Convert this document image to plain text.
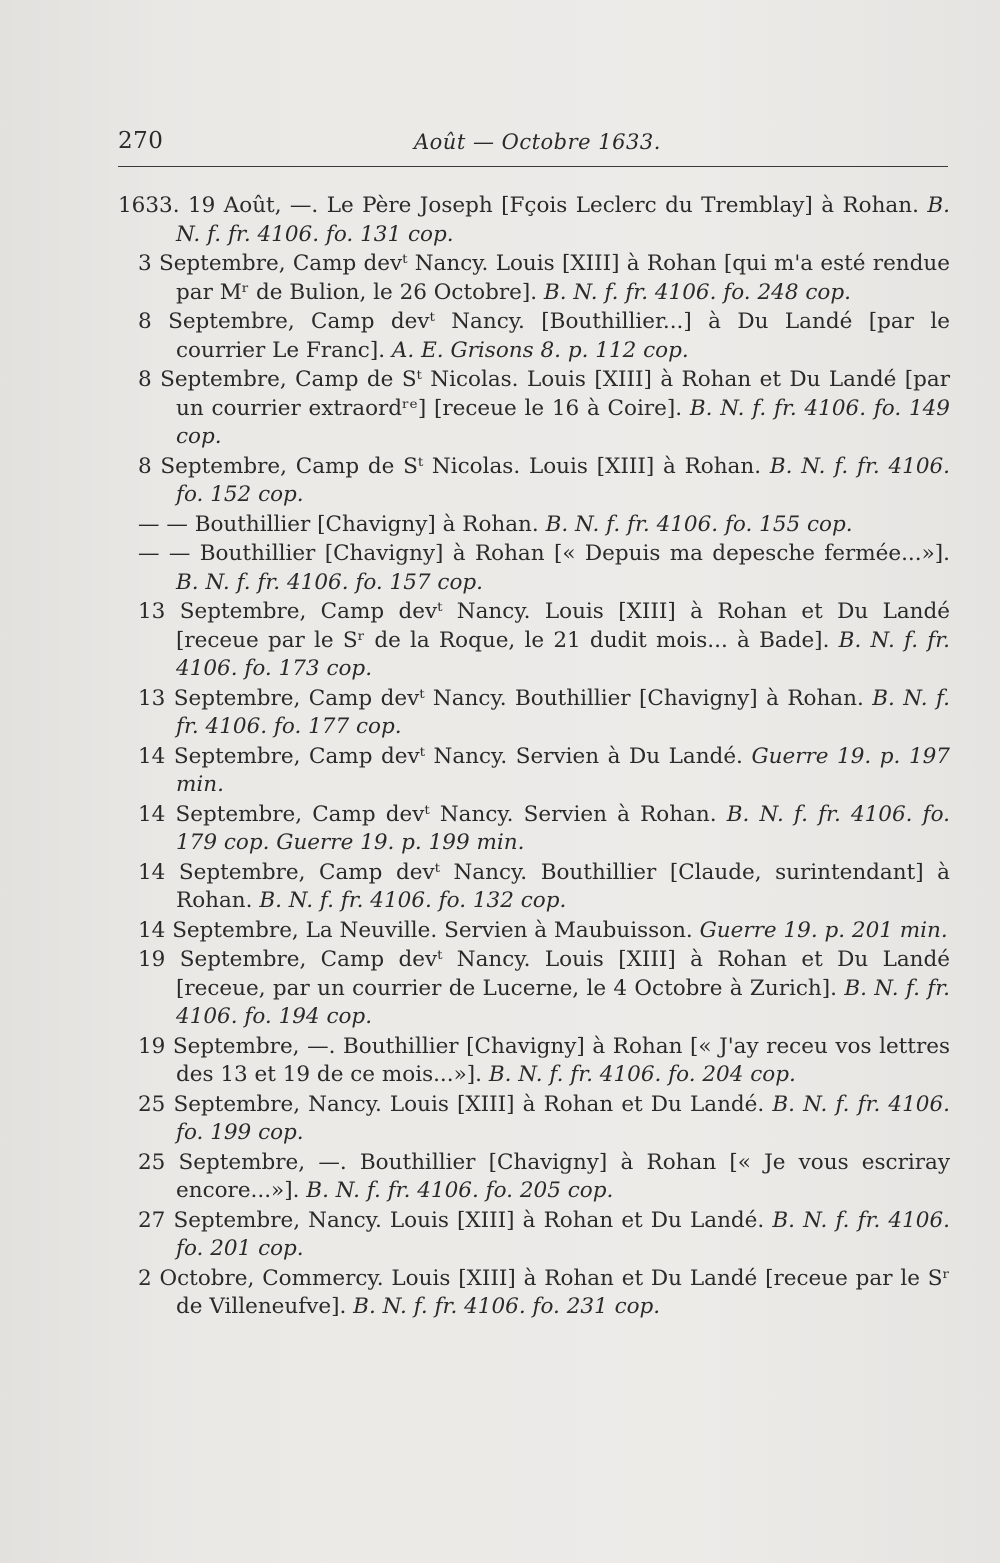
270	Août — Octobre 1633.
1633. 19 Août, —. Le Père Joseph [Fçois Leclerc du Tremblay] à Rohan. B. N. f. fr. 4106. fo. 131 cop.
3 Septembre, Camp devᵗ Nancy. Louis [XIII] à Rohan [qui m'a esté rendue par Mʳ de Bulion, le 26 Octobre]. B. N. f. fr. 4106. fo. 248 cop.
8 Septembre, Camp devᵗ Nancy. [Bouthillier...] à Du Landé [par le courrier Le Franc]. A. E. Grisons 8. p. 112 cop.
8 Septembre, Camp de Sᵗ Nicolas. Louis [XIII] à Rohan et Du Landé [par un courrier extraordʳᵉ] [receue le 16 à Coire]. B. N. f. fr. 4106. fo. 149 cop.
8 Septembre, Camp de Sᵗ Nicolas. Louis [XIII] à Rohan. B. N. f. fr. 4106. fo. 152 cop.
— — Bouthillier [Chavigny] à Rohan. B. N. f. fr. 4106. fo. 155 cop.
— — Bouthillier [Chavigny] à Rohan [« Depuis ma depesche fermée...»]. B. N. f. fr. 4106. fo. 157 cop.
13 Septembre, Camp devᵗ Nancy. Louis [XIII] à Rohan et Du Landé [receue par le Sʳ de la Roque, le 21 dudit mois... à Bade]. B. N. f. fr. 4106. fo. 173 cop.
13 Septembre, Camp devᵗ Nancy. Bouthillier [Chavigny] à Rohan. B. N. f. fr. 4106. fo. 177 cop.
14 Septembre, Camp devᵗ Nancy. Servien à Du Landé. Guerre 19. p. 197 min.
14 Septembre, Camp devᵗ Nancy. Servien à Rohan. B. N. f. fr. 4106. fo. 179 cop. Guerre 19. p. 199 min.
14 Septembre, Camp devᵗ Nancy. Bouthillier [Claude, surintendant] à Rohan. B. N. f. fr. 4106. fo. 132 cop.
14 Septembre, La Neuville. Servien à Maubuisson. Guerre 19. p. 201 min.
19 Septembre, Camp devᵗ Nancy. Louis [XIII] à Rohan et Du Landé [receue, par un courrier de Lucerne, le 4 Octobre à Zurich]. B. N. f. fr. 4106. fo. 194 cop.
19 Septembre, —. Bouthillier [Chavigny] à Rohan [« J'ay receu vos lettres des 13 et 19 de ce mois...»]. B. N. f. fr. 4106. fo. 204 cop.
25 Septembre, Nancy. Louis [XIII] à Rohan et Du Landé. B. N. f. fr. 4106. fo. 199 cop.
25 Septembre, —. Bouthillier [Chavigny] à Rohan [« Je vous escriray encore...»]. B. N. f. fr. 4106. fo. 205 cop.
27 Septembre, Nancy. Louis [XIII] à Rohan et Du Landé. B. N. f. fr. 4106. fo. 201 cop.
2 Octobre, Commercy. Louis [XIII] à Rohan et Du Landé [receue par le Sʳ de Villeneufve]. B. N. f. fr. 4106. fo. 231 cop.
